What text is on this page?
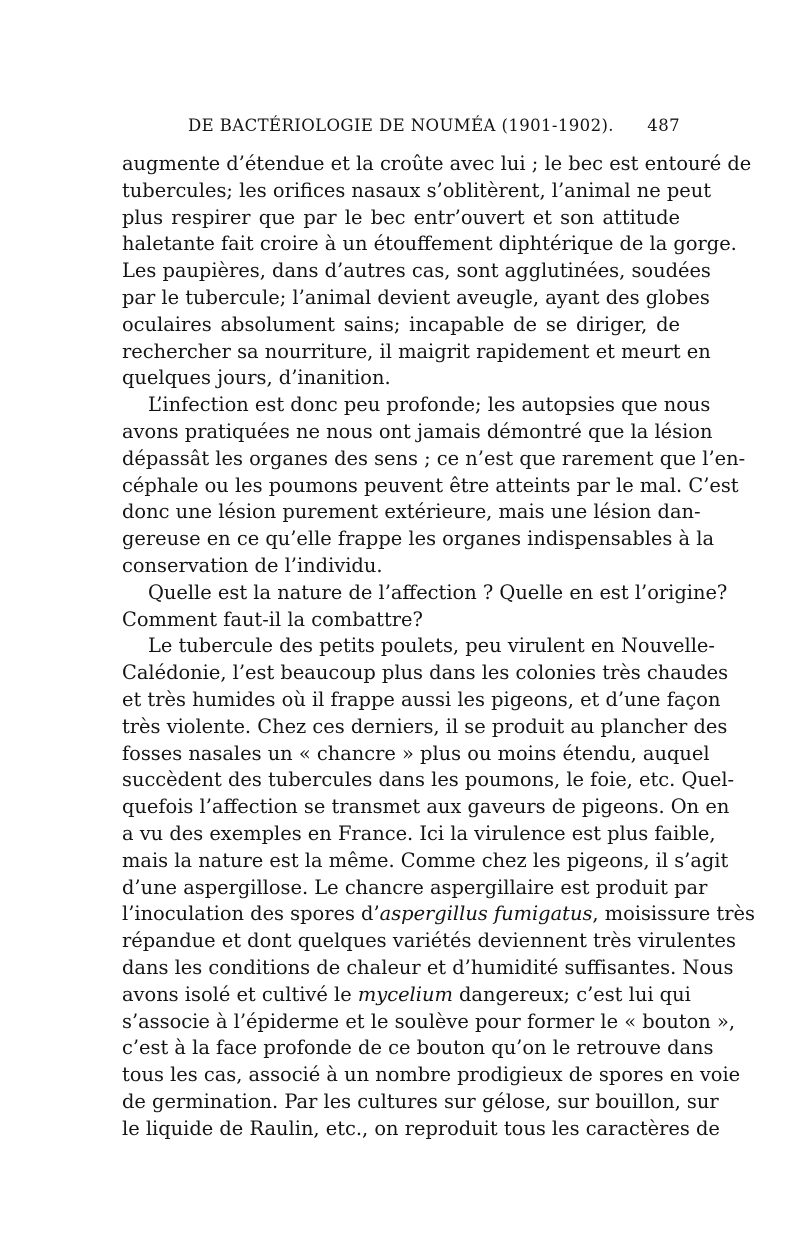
DE BACTÉRIOLOGIE DE NOUMÉA (1901-1902).	487
augmente d’étendue et la croûte avec lui ; le bec est entouré de
tubercules; les orifices nasaux s’oblitèrent, l’animal ne peut
plus respirer que par le bec entr’ouvert et son attitude
haletante fait croire à un étouffement diphtérique de la gorge.
Les paupières, dans d’autres cas, sont agglutinées, soudées
par le tubercule; l’animal devient aveugle, ayant des globes
oculaires absolument sains; incapable de se diriger, de
rechercher sa nourriture, il maigrit rapidement et meurt en
quelques jours, d’inanition.
L’infection est donc peu profonde; les autopsies que nous
avons pratiquées ne nous ont jamais démontré que la lésion
dépassât les organes des sens ; ce n’est que rarement que l’en-
céphale ou les poumons peuvent être atteints par le mal. C’est
donc une lésion purement extérieure, mais une lésion dan-
gereuse en ce qu’elle frappe les organes indispensables à la
conservation de l’individu.
Quelle est la nature de l’affection ? Quelle en est l’origine?
Comment faut-il la combattre?
Le tubercule des petits poulets, peu virulent en Nouvelle-
Calédonie, l’est beaucoup plus dans les colonies très chaudes
et très humides où il frappe aussi les pigeons, et d’une façon
très violente. Chez ces derniers, il se produit au plancher des
fosses nasales un « chancre » plus ou moins étendu, auquel
succèdent des tubercules dans les poumons, le foie, etc. Quel-
quefois l’affection se transmet aux gaveurs de pigeons. On en
a vu des exemples en France. Ici la virulence est plus faible,
mais la nature est la même. Comme chez les pigeons, il s’agit
d’une aspergillose. Le chancre aspergillaire est produit par
l’inoculation des spores d’aspergillus fumigatus, moisissure très
répandue et dont quelques variétés deviennent très virulentes
dans les conditions de chaleur et d’humidité suffisantes. Nous
avons isolé et cultivé le mycelium dangereux; c’est lui qui
s’associe à l’épiderme et le soulève pour former le « bouton »,
c’est à la face profonde de ce bouton qu’on le retrouve dans
tous les cas, associé à un nombre prodigieux de spores en voie
de germination. Par les cultures sur gélose, sur bouillon, sur
le liquide de Raulin, etc., on reproduit tous les caractères de
